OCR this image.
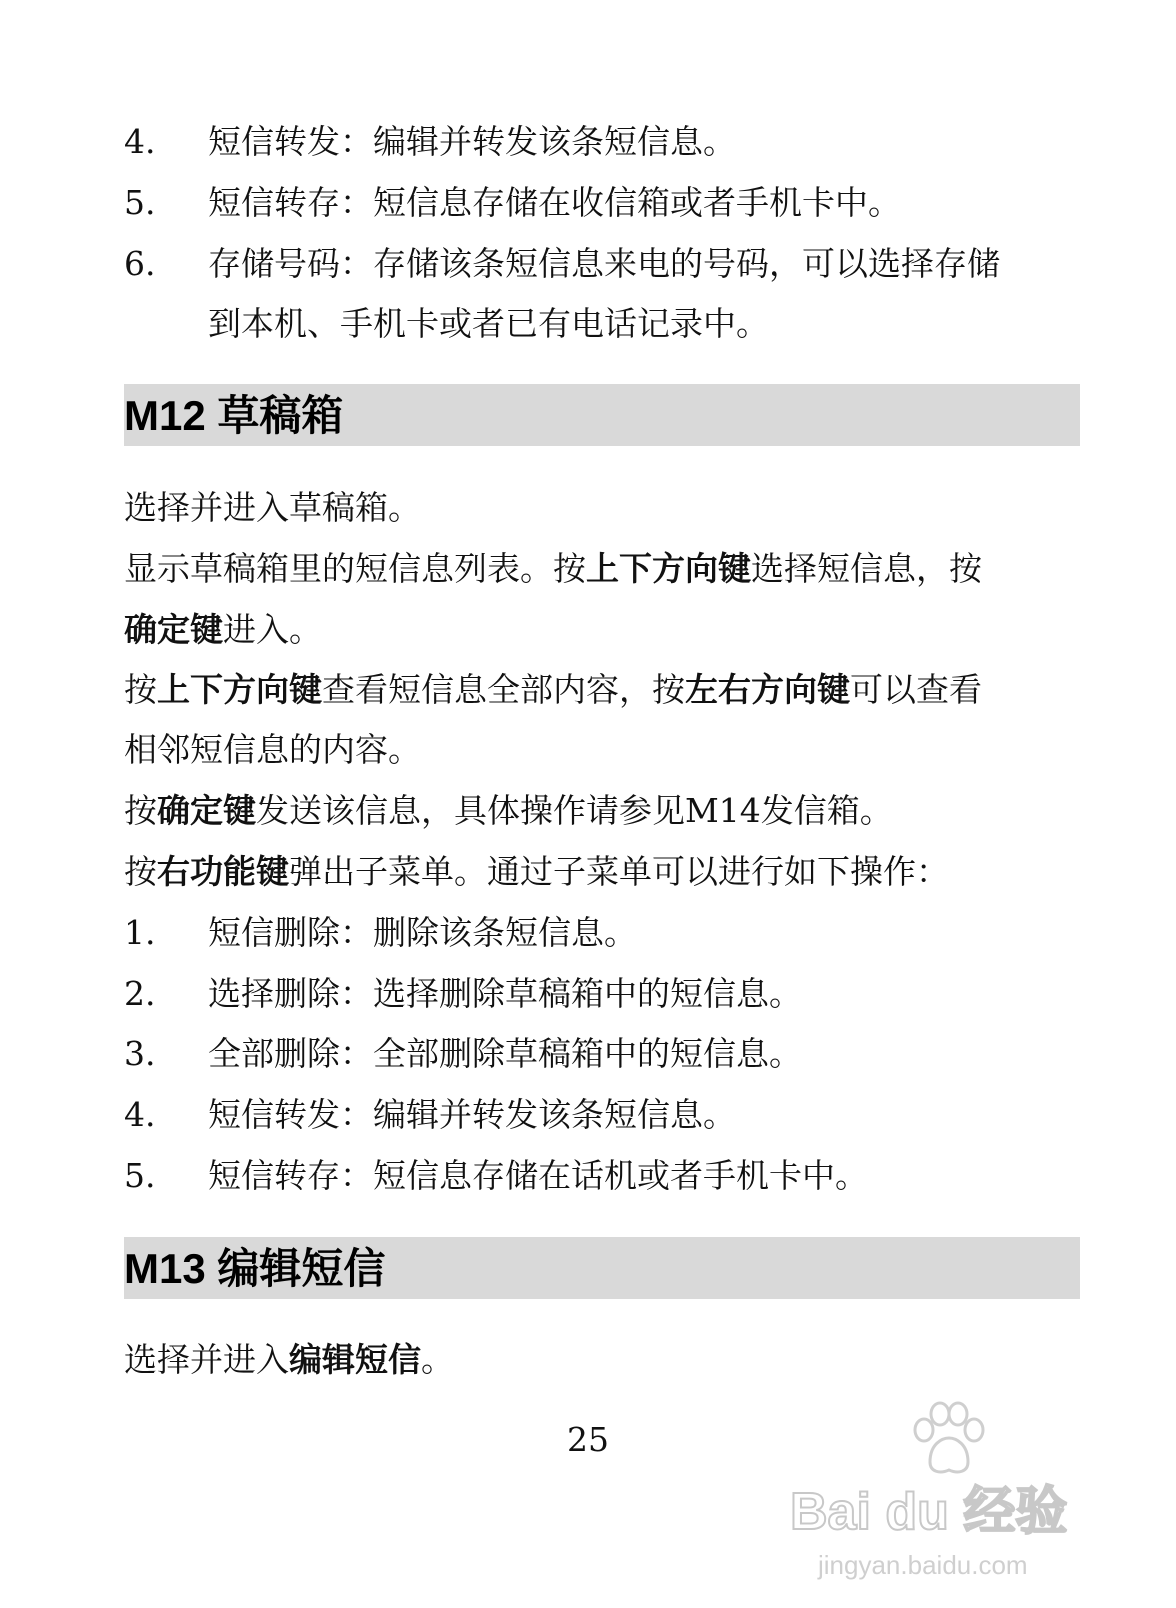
4.	短信转发：编辑并转发该条短信息。
5.	短信转存：短信息存储在收信箱或者手机卡中。
6.	存储号码：存储该条短信息来电的号码，可以选择存储
到本机、手机卡或者已有电话记录中。
M12 草稿箱
选择并进入草稿箱。
显示草稿箱里的短信息列表。按上下方向键选择短信息，按
确定键进入。
按上下方向键查看短信息全部内容，按左右方向键可以查看
相邻短信息的内容。
按确定键发送该信息，具体操作请参见M14发信箱。
按右功能键弹出子菜单。通过子菜单可以进行如下操作：
1.	短信删除：删除该条短信息。
2.	选择删除：选择删除草稿箱中的短信息。
3.	全部删除：全部删除草稿箱中的短信息。
4.	短信转发：编辑并转发该条短信息。
5.	短信转存：短信息存储在话机或者手机卡中。
M13 编辑短信
选择并进入编辑短信。
25
Bai du 经验
jingyan.baidu.com
